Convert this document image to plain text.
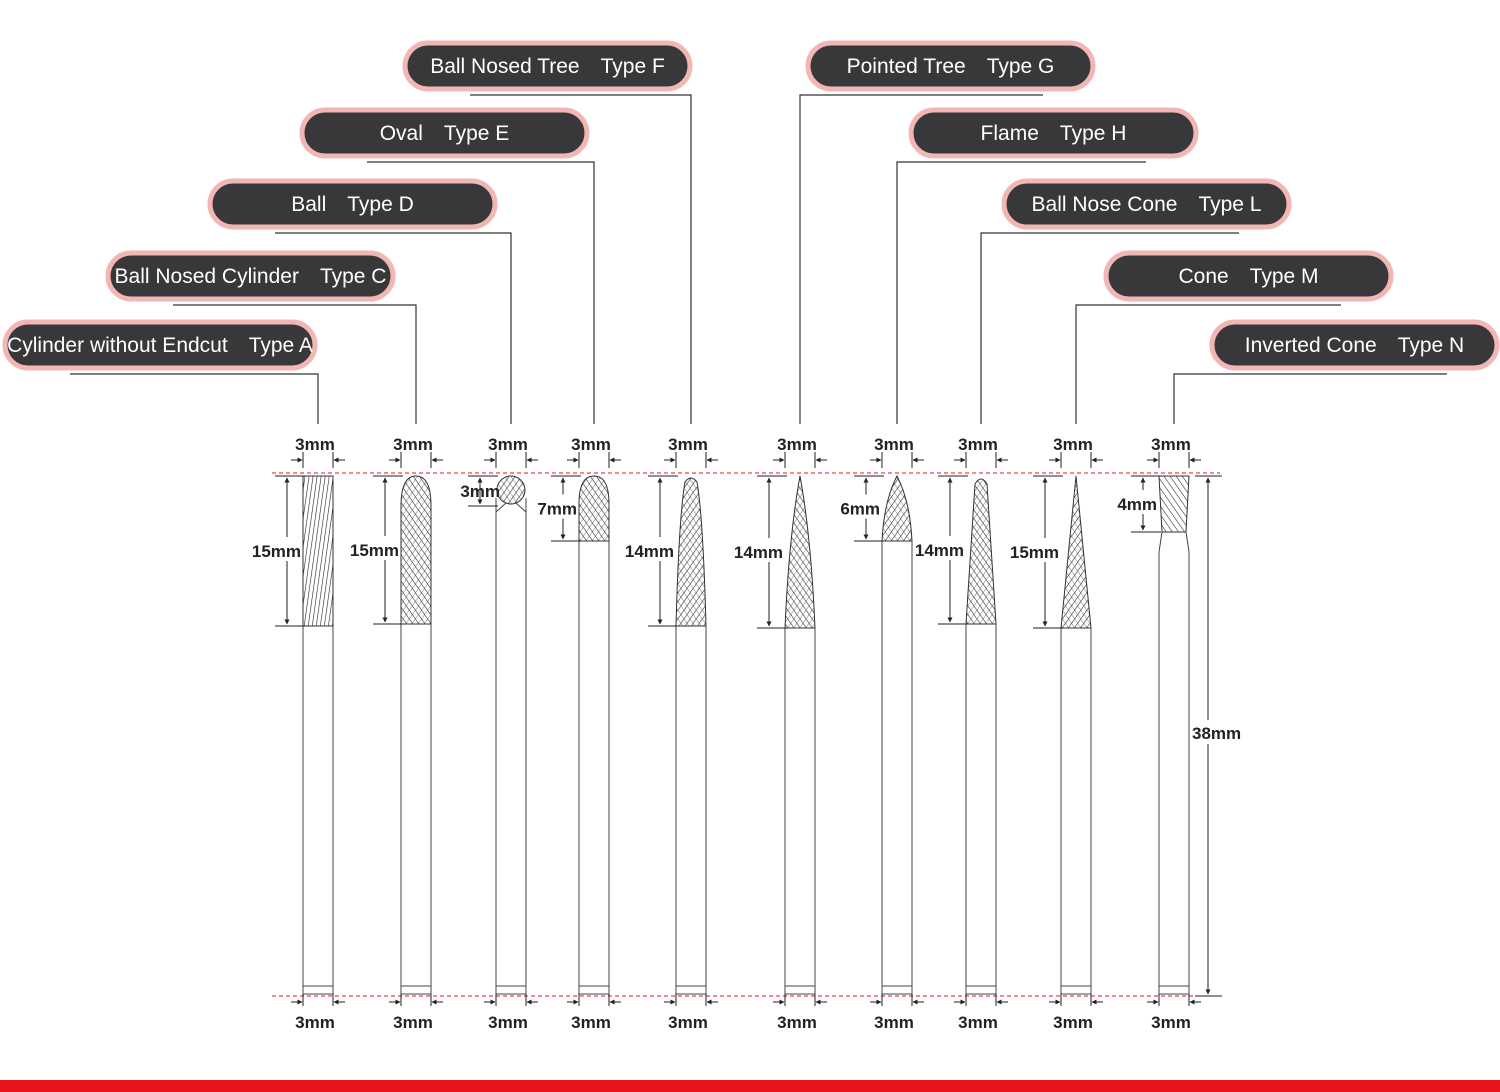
38mm
3mm
3mm
15mm
3mm
3mm
15mm
3mm
3mm
3mm
3mm
3mm
7mm
3mm
3mm
14mm
3mm
3mm
14mm
3mm
3mm
6mm
3mm
3mm
14mm
3mm
3mm
15mm
3mm
3mm
4mm
Cylinder without Endcut Type A
Ball Nosed Cylinder Type C
Ball Type D
Oval Type E
Ball Nosed Tree Type F	Pointed Tree Type G
Flame Type H
Ball Nose Cone Type L
Cone Type M
Inverted Cone Type N
